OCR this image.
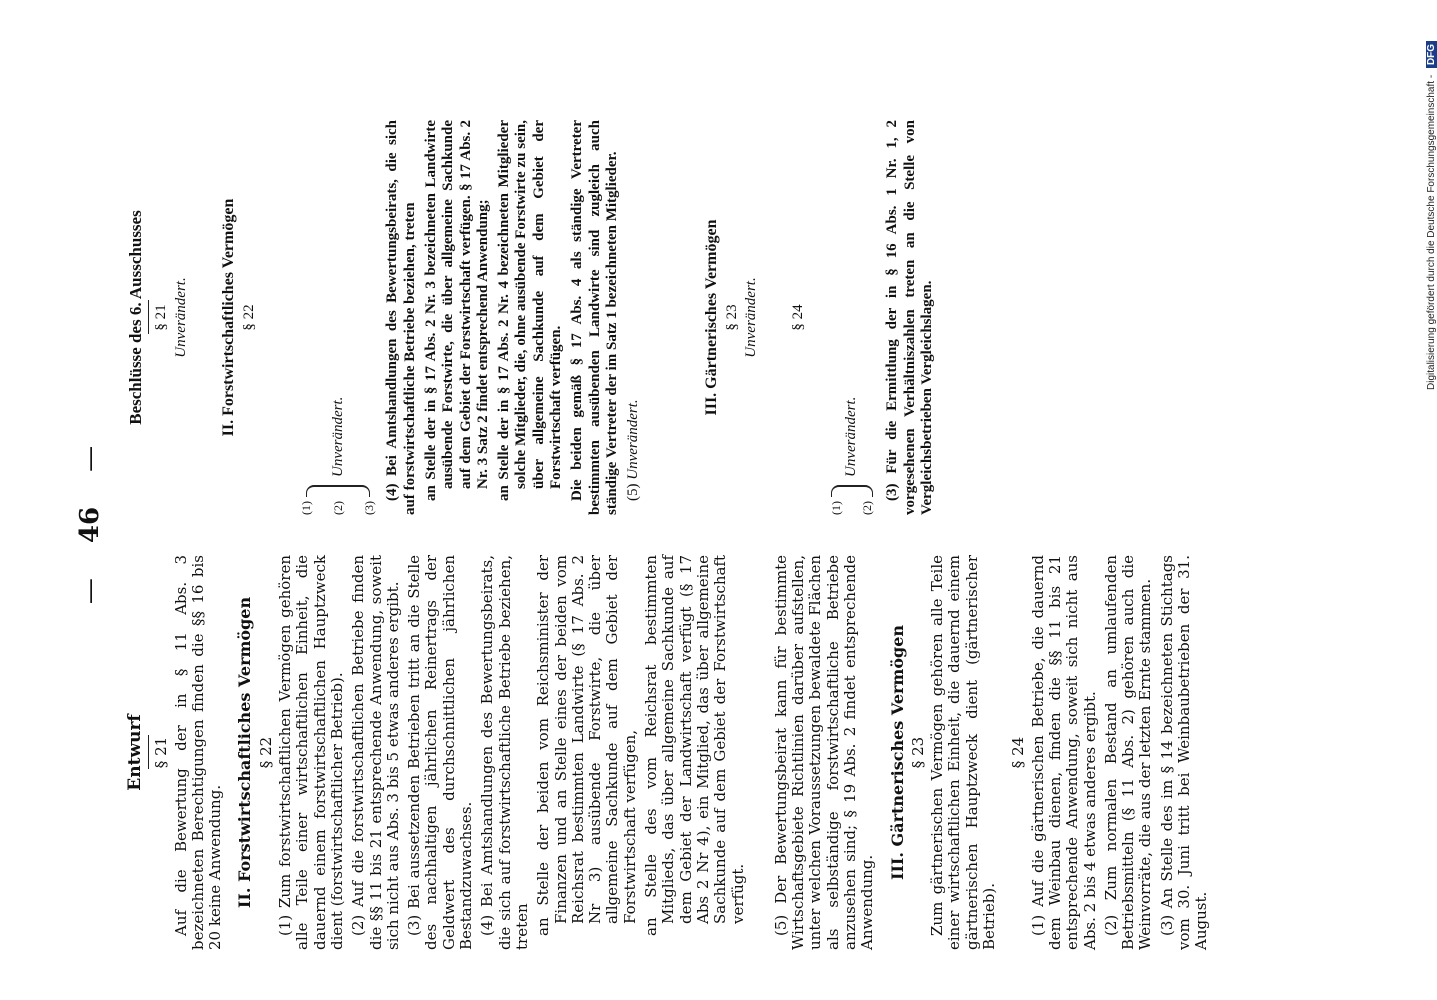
— 46 —
Entwurf § 21 Auf die Bewertung der in § 11 Abs. 3 bezeichneten Berechtigungen finden die §§ 16 bis 20 keine Anwendung. II. Forstwirtschaftliches Vermögen § 22 (1) Zum forstwirtschaftlichen Vermögen gehören alle Teile einer wirtschaftlichen Einheit, die dauernd einem forstwirtschaftlichen Hauptzweck dient (forstwirtschaftlicher Betrieb). (2) Auf die forstwirtschaftlichen Betriebe finden die §§ 11 bis 21 entsprechende Anwendung, soweit sich nicht aus Abs. 3 bis 5 etwas anderes ergibt. (3) Bei aussetzenden Betrieben tritt an die Stelle des nachhaltigen jährlichen Reinertrags der Geldwert des durchschnittlichen jährlichen Bestandzuwachses. (4) Bei Amtshandlungen des Bewertungsbeirats, die sich auf forstwirtschaftliche Betriebe beziehen, treten an Stelle der beiden vom Reichsminister der Finanzen und an Stelle eines der beiden vom Reichsrat bestimmten Landwirte (§ 17 Abs. 2 Nr 3) ausübende Forstwirte, die über allgemeine Sachkunde auf dem Gebiet der Forstwirtschaft verfügen, an Stelle des vom Reichsrat bestimmten Mitglieds, das über allgemeine Sachkunde auf dem Gebiet der Landwirtschaft verfügt (§ 17 Abs 2 Nr 4), ein Mitglied, das über allgemeine Sachkunde auf dem Gebiet der Forstwirtschaft verfügt. (5) Der Bewertungsbeirat kann für bestimmte Wirtschaftsgebiete Richtlinien darüber aufstellen, unter welchen Voraussetzungen bewaldete Flächen als selbständige forstwirtschaftliche Betriebe anzusehen sind; § 19 Abs. 2 findet entsprechende Anwendung.

III. Gärtnerisches Vermögen § 23 Zum gärtnerischen Vermögen gehören alle Teile einer wirtschaftlichen Einheit, die dauernd einem gärtnerischen Hauptzweck dient (gärtnerischer Betrieb).

§ 24 (1) Auf die gärtnerischen Betriebe, die dauernd dem Weinbau dienen, finden die §§ 11 bis 21 entsprechende Anwendung, soweit sich nicht aus Abs. 2 bis 4 etwas anderes ergibt. (2) Zum normalen Bestand an umlaufenden Betriebsmitteln (§ 11 Abs. 2) gehören auch die Weinvorräte, die aus der letzten Ernte stammen. (3) An Stelle des im § 14 bezeichneten Stichtags vom 30. Juni tritt bei Weinbaubetrieben der 31. August.

Beschlüsse des 6. Ausschusses § 21 Unverändert. II. Forstwirtschaftliches Vermögen § 22
(1) (2) (3)
Unverändert.	(4) Bei Amtshandlungen des Bewertungsbeirats, die sich auf forstwirtschaftliche Betriebe beziehen, treten an Stelle der in § 17 Abs. 2 Nr. 3 bezeichneten Landwirte ausübende Forstwirte, die über allgemeine Sachkunde auf dem Gebiet der Forstwirtschaft verfügen. § 17 Abs. 2 Nr. 3 Satz 2 findet entsprechend Anwendung; an Stelle der in § 17 Abs. 2 Nr. 4 bezeichneten Mitglieder solche Mitglieder, die, ohne ausübende Forstwirte zu sein, über allgemeine Sachkunde auf dem Gebiet der Forstwirtschaft verfügen. Die beiden gemäß § 17 Abs. 4 als ständige Vertreter bestimmten ausübenden Landwirte sind zugleich auch ständige Vertreter der im Satz 1 bezeichneten Mitglieder. (5) Unverändert.

III. Gärtnerisches Vermögen § 23 Unverändert. § 24
(1) (2)
Unverändert. (3) Für die Ermittlung der in § 16 Abs. 1 Nr. 1, 2 vorgesehenen Verhältniszahlen treten an die Stelle von Vergleichsbetrieben Vergleichslagen.

Digitalisierung gefördert durch die Deutsche Forschungsgemeinschaft - DFG
